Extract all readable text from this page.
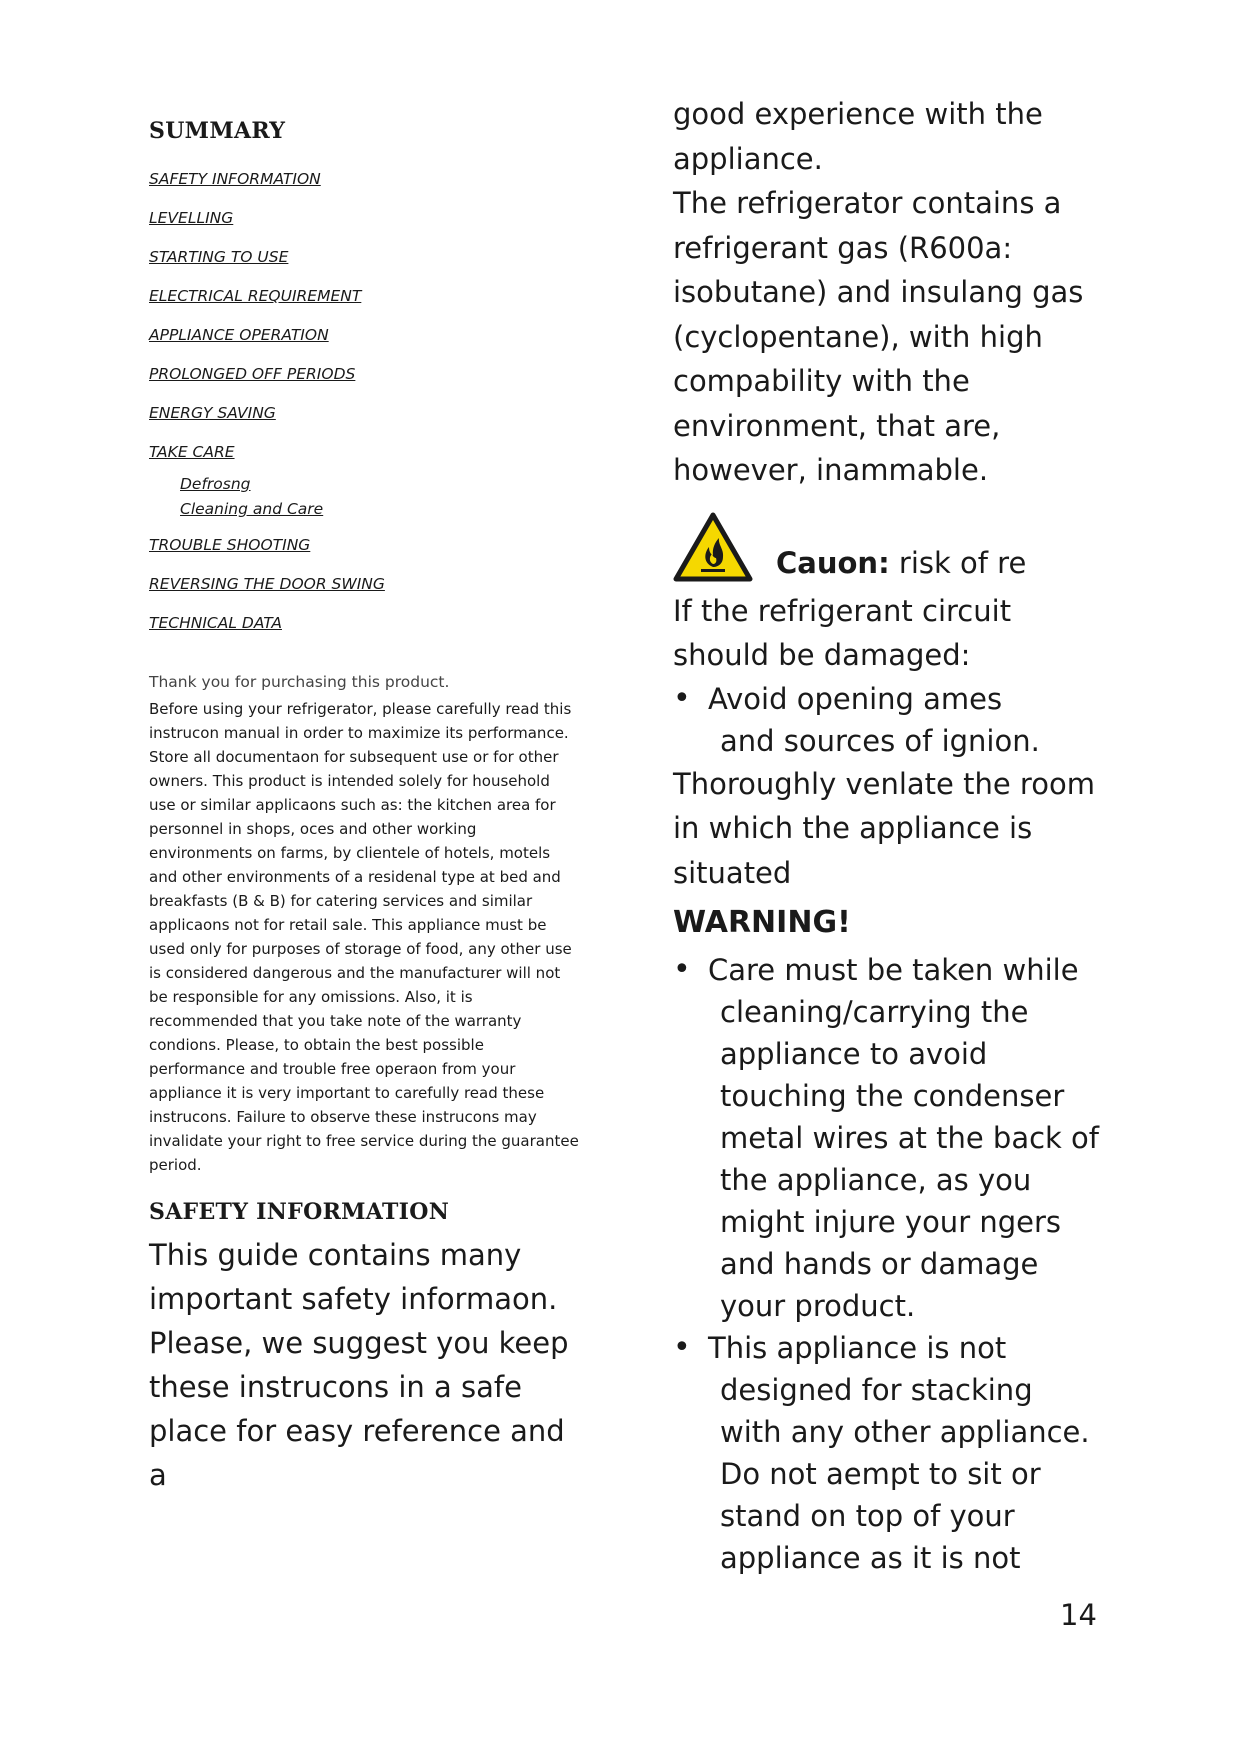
SUMMARY
SAFETY INFORMATION
LEVELLING
STARTING TO USE
ELECTRICAL REQUIREMENT
APPLIANCE OPERATION
PROLONGED OFF PERIODS
ENERGY SAVING
TAKE CARE
Defrosng
Cleaning and Care
TROUBLE SHOOTING
REVERSING THE DOOR SWING
TECHNICAL DATA
Thank you for purchasing this product.

Before using your refrigerator, please carefully read this instrucon manual in order to maximize its performance. Store all documentaon for subsequent use or for other owners. This product is intended solely for household use or similar applicaons such as: the kitchen area for personnel in shops, oces and other working environments on farms, by clientele of hotels, motels and other environments of a residenal type at bed and breakfasts (B & B) for catering services and similar applicaons not for retail sale. This appliance must be used only for purposes of storage of food, any other use is considered dangerous and the manufacturer will not be responsible for any omissions. Also, it is recommended that you take note of the warranty condions. Please, to obtain the best possible performance and trouble free operaon from your appliance it is very important to carefully read these instrucons. Failure to observe these instrucons may invalidate your right to free service during the guarantee period.

SAFETY INFORMATION

This guide contains many important safety informaon. Please, we suggest you keep these instrucons in a safe place for easy reference and a

good experience with the appliance.

The refrigerator contains a refrigerant gas (R600a: isobutane) and insulang gas (cyclopentane), with high compability with the environment, that are, however, inammable.

Cauon: risk of re

If the refrigerant circuit should be damaged:

• Avoid opening ames
and sources of ignion.

Thoroughly venlate the room in which the appliance is situated

WARNING!
• Care must be taken while
cleaning/carrying the appliance to avoid touching the condenser metal wires at the back of the appliance, as you might injure your ngers and hands or damage your product.
• This appliance is not
designed for stacking with any other appliance. Do not aempt to sit or stand on top of your appliance as it is not
14
